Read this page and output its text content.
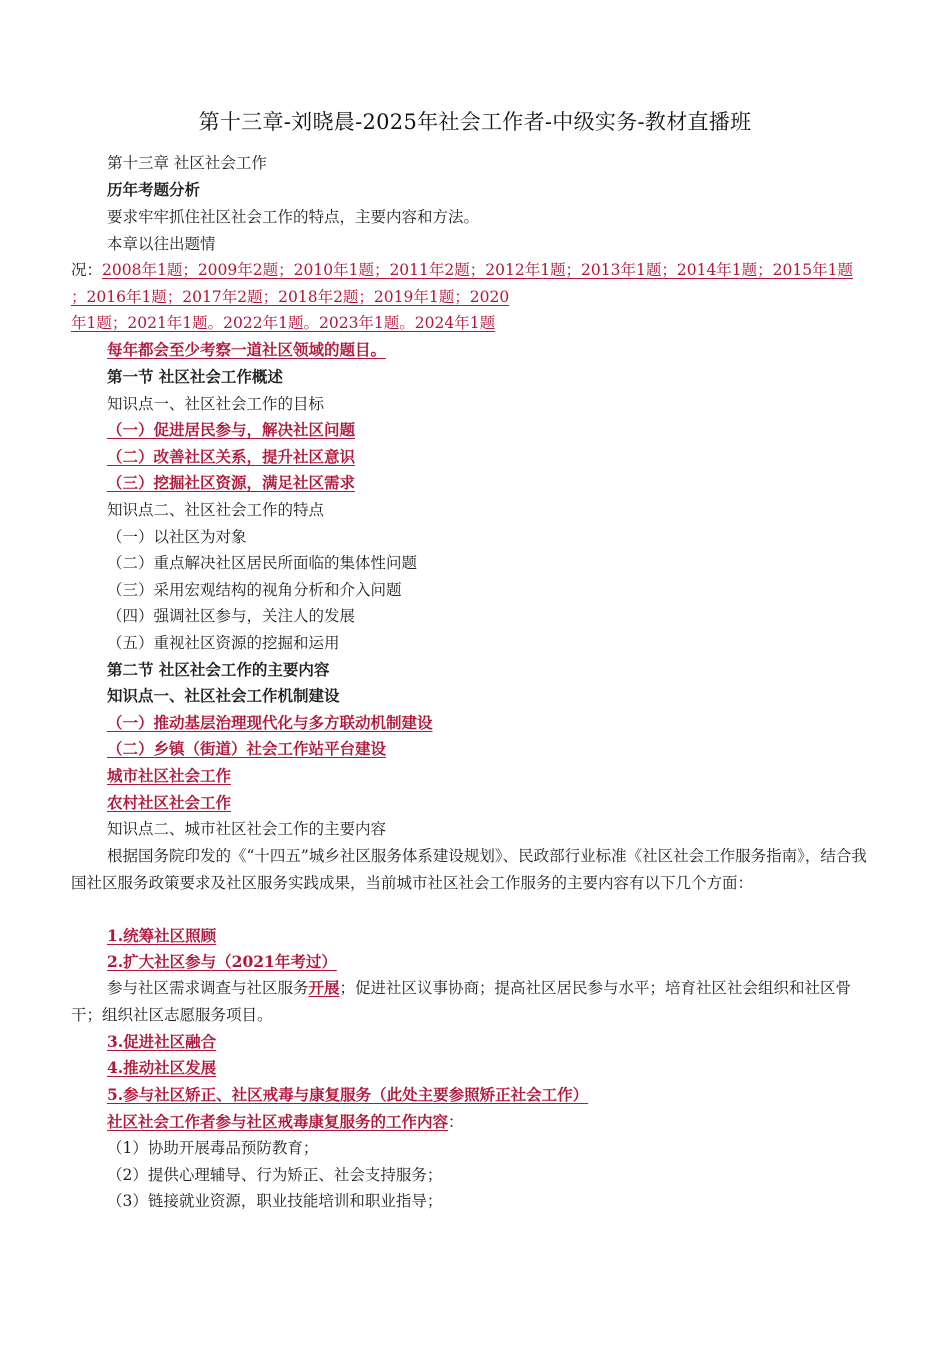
第十三章-刘晓晨-2025年社会工作者-中级实务-教材直播班
第十三章 社区社会工作
历年考题分析
要求牢牢抓住社区社会工作的特点，主要内容和方法。
本章以往出题情
况：2008年1题；2009年2题；2010年1题；2011年2题；2012年1题；2013年1题；2014年1题；2015年1题
；2016年1题；2017年2题；2018年2题；2019年1题；2020
年1题；2021年1题。2022年1题。2023年1题。2024年1题
每年都会至少考察一道社区领域的题目。
第一节 社区社会工作概述
知识点一、社区社会工作的目标
（一）促进居民参与，解决社区问题
（二）改善社区关系，提升社区意识
（三）挖掘社区资源，满足社区需求
知识点二、社区社会工作的特点
（一）以社区为对象
（二）重点解决社区居民所面临的集体性问题
（三）采用宏观结构的视角分析和介入问题
（四）强调社区参与，关注人的发展
（五）重视社区资源的挖掘和运用
第二节 社区社会工作的主要内容
知识点一、社区社会工作机制建设
（一）推动基层治理现代化与多方联动机制建设
（二）乡镇（街道）社会工作站平台建设
城市社区社会工作
农村社区社会工作
知识点二、城市社区社会工作的主要内容
根据国务院印发的《“十四五”城乡社区服务体系建设规划》、民政部行业标准《社区社会工作服务指南》，结合我国社区服务政策要求及社区服务实践成果，当前城市社区社会工作服务的主要内容有以下几个方面：
1.统筹社区照顾
2.扩大社区参与（2021年考过）
参与社区需求调查与社区服务开展；促进社区议事协商；提高社区居民参与水平；培育社区社会组织和社区骨干；组织社区志愿服务项目。
3.促进社区融合
4.推动社区发展
5.参与社区矫正、社区戒毒与康复服务（此处主要参照矫正社会工作）
社区社会工作者参与社区戒毒康复服务的工作内容：
（1）协助开展毒品预防教育；
（2）提供心理辅导、行为矫正、社会支持服务；
（3）链接就业资源，职业技能培训和职业指导；
